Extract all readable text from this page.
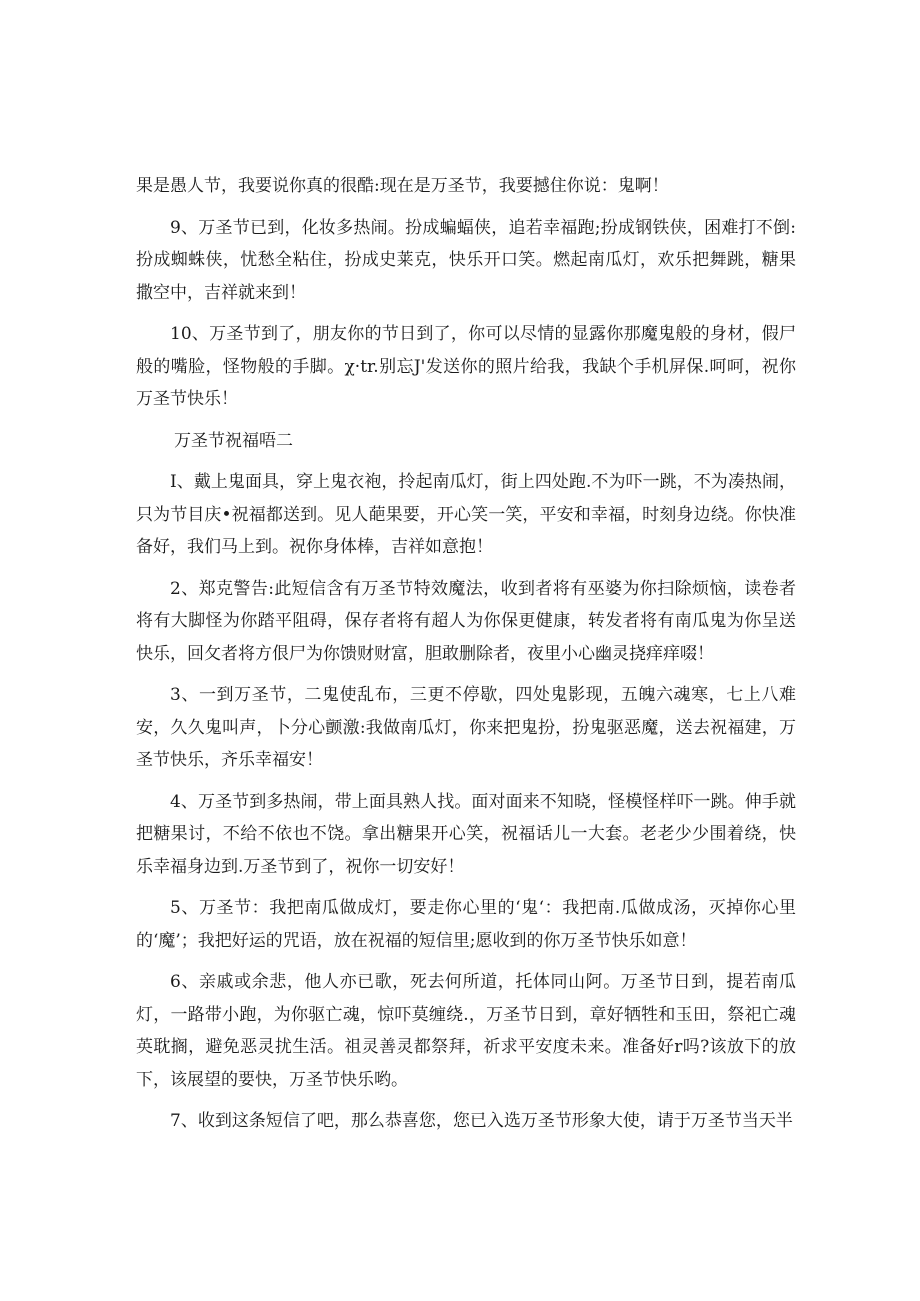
果是愚人节，我要说你真的很酷:现在是万圣节，我要撼住你说：鬼啊！

9、万圣节已到，化妆多热闹。扮成蝙蝠侠，追若幸福跑;扮成钢铁侠，困难打不倒:扮成蜘蛛侠，忧愁全粘住，扮成史莱克，快乐开口笑。燃起南瓜灯，欢乐把舞跳，糖果撒空中，吉祥就来到！

10、万圣节到了，朋友你的节日到了，你可以尽情的显露你那魔鬼般的身材，假尸般的嘴脸，怪物般的手脚。χ·tr.别忘J'发送你的照片给我，我缺个手机屏保.呵呵，祝你万圣节快乐！

万圣节祝福唔二

I、戴上鬼面具，穿上鬼衣袍，拎起南瓜灯，街上四处跑.不为吓一跳，不为凑热闹，只为节目庆•祝福都送到。见人葩果要，开心笑一笑，平安和幸福，时刻身边绕。你快准备好，我们马上到。祝你身体棒，吉祥如意抱！

2、郑克警告:此短信含有万圣节特效魔法，收到者将有巫婆为你扫除烦恼，读卷者将有大脚怪为你踏平阻碍，保存者将有超人为你保更健康，转发者将有南瓜鬼为你呈送快乐，回攵者将方佷尸为你馈财财富，胆敢删除者，夜里小心幽灵挠痒痒啜！

3、一到万圣节，二鬼使乱布，三更不停歇，四处鬼影现，五魄六魂寒，七上八难安，久久鬼叫声，卜分心颤激:我做南瓜灯，你来把鬼扮，扮鬼驱恶魔，送去祝福建，万圣节快乐，齐乐幸福安！

4、万圣节到多热闹，带上面具熟人找。面对面来不知晓，怪模怪样吓一跳。伸手就把糖果讨，不给不依也不饶。拿出糖果开心笑，祝福话儿一大套。老老少少围着绕，快乐幸福身边到.万圣节到了，祝你一切安好！

5、万圣节：我把南瓜做成灯，要走你心里的‘鬼‘：我把南.瓜做成汤，灭掉你心里的‘魔’；我把好运的咒语，放在祝福的短信里;愿收到的你万圣节快乐如意！

6、亲戚或余悲，他人亦已歌，死去何所道，托体同山阿。万圣节日到，提若南瓜灯，一路带小跑，为你驱亡魂，惊吓莫缠绕.，万圣节日到，章好牺牲和玉田，祭祀亡魂英耽搁，避免恶灵扰生活。祖灵善灵都祭拜，祈求平安度未来。准备好r吗?该放下的放下，该展望的要快，万圣节快乐哟。

7、收到这条短信了吧，那么恭喜您，您已入选万圣节形象大使，请于万圣节当天半
